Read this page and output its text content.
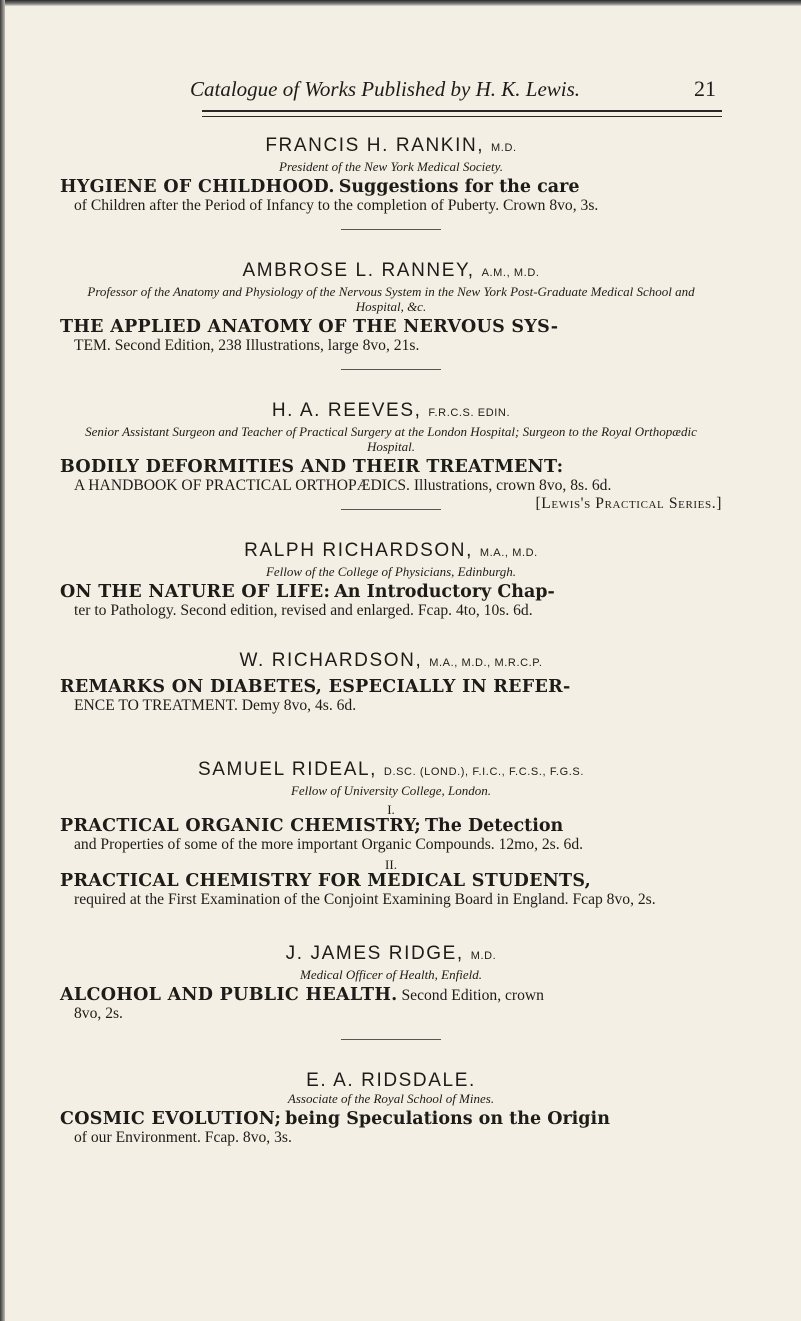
Catalogue of Works Published by H. K. Lewis.	21
FRANCIS H. RANKIN, M.D.
President of the New York Medical Society.
HYGIENE OF CHILDHOOD. Suggestions for the care
of Children after the Period of Infancy to the completion of Puberty. Crown 8vo, 3s.
AMBROSE L. RANNEY, A.M., M.D.
Professor of the Anatomy and Physiology of the Nervous System in the New York Post-Graduate Medical School and Hospital, &c.
THE APPLIED ANATOMY OF THE NERVOUS SYS-
TEM. Second Edition, 238 Illustrations, large 8vo, 21s.
H. A. REEVES, F.R.C.S. EDIN.
Senior Assistant Surgeon and Teacher of Practical Surgery at the London Hospital; Surgeon to the Royal Orthopædic Hospital.
BODILY DEFORMITIES AND THEIR TREATMENT:
A HANDBOOK OF PRACTICAL ORTHOPÆDICS. Illustrations, crown 8vo, 8s. 6d.
[Lewis's Practical Series.]
RALPH RICHARDSON, M.A., M.D.
Fellow of the College of Physicians, Edinburgh.
ON THE NATURE OF LIFE: An Introductory Chap-
ter to Pathology. Second edition, revised and enlarged. Fcap. 4to, 10s. 6d.
W. RICHARDSON, M.A., M.D., M.R.C.P.
REMARKS ON DIABETES, ESPECIALLY IN REFER-
ENCE TO TREATMENT. Demy 8vo, 4s. 6d.
SAMUEL RIDEAL, D.SC. (LOND.), F.I.C., F.C.S., F.G.S.
Fellow of University College, London.
I.
PRACTICAL ORGANIC CHEMISTRY; The Detection
and Properties of some of the more important Organic Compounds. 12mo, 2s. 6d.
II.
PRACTICAL CHEMISTRY FOR MEDICAL STUDENTS,
required at the First Examination of the Conjoint Examining Board in England. Fcap 8vo, 2s.
J. JAMES RIDGE, M.D.
Medical Officer of Health, Enfield.
ALCOHOL AND PUBLIC HEALTH. Second Edition, crown
8vo, 2s.
E. A. RIDSDALE.
Associate of the Royal School of Mines.
COSMIC EVOLUTION; being Speculations on the Origin
of our Environment. Fcap. 8vo, 3s.
